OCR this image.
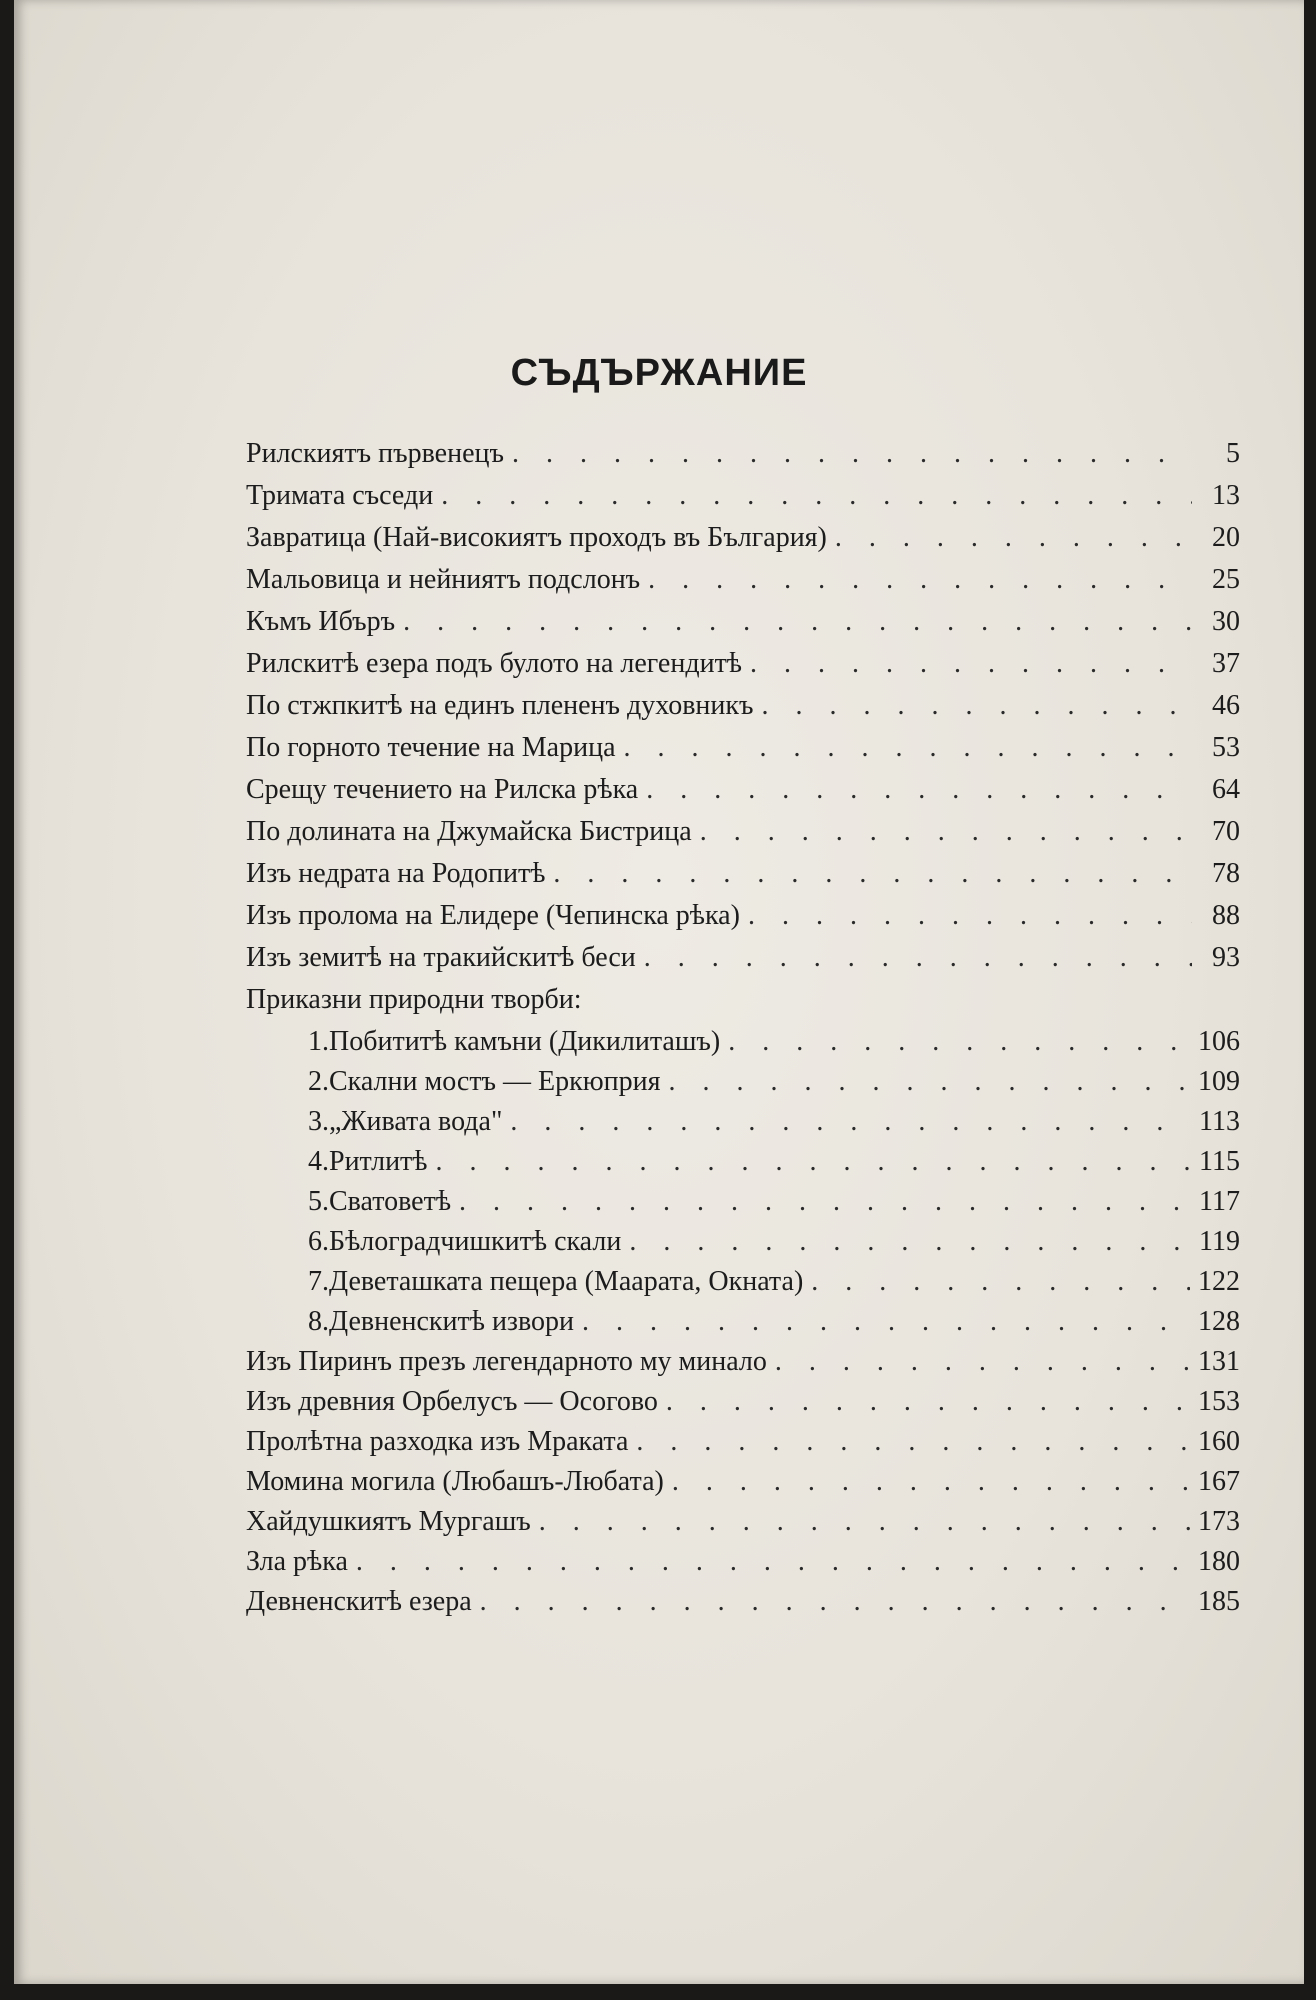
СЪДЪРЖАНИЕ
Рилскиятъ първенецъ . . .	5
Тримата съседи . . .	13
Завратица (Най-високиятъ проходъ въ България) . . .	20
Мальовица и нейниятъ подслонъ . . .	25
Къмъ Ибъръ . . .	30
Рилскитѣ езера подъ булото на легендитѣ . . .	37
По стжпкитѣ на единъ плененъ духовникъ . . .	46
По горното течение на Марица . . .	53
Срещу течението на Рилска рѣка . . .	64
По долината на Джумайска Бистрица . . .	70
Изъ недрата на Родопитѣ . . .	78
Изъ пролома на Елидере (Чепинска рѣка) . . .	88
Изъ земитѣ на тракийскитѣ беси . . .	93
Приказни природни творби:
1. Побититѣ камъни (Дикилиташъ) . . .	106
2. Скални мостъ — Еркюприя . . .	109
3. „Живата вода" . . .	113
4. Ритлитѣ . . .	115
5. Сватоветѣ . . .	117
6. Бѣлоградчишкитѣ скали . . .	119
7. Деветашката пещера (Маарата, Окната) . . .	122
8. Девненскитѣ извори . . .	128
Изъ Пиринъ презъ легендарното му минало . . .	131
Изъ древния Орбелусъ — Осогово . . .	153
Пролѣтна разходка изъ Мраката . . .	160
Момина могила (Любашъ-Любата) . . .	167
Хайдушкиятъ Мургашъ . . .	173
Зла рѣка . . .	180
Девненскитѣ езера . . .	185
